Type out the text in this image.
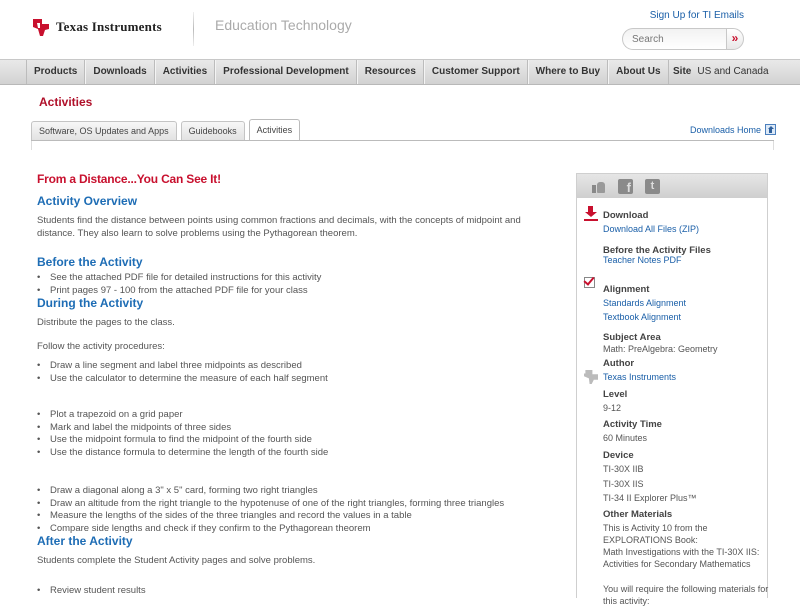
Texas Instruments	Education Technology
Sign Up for TI Emails
Search
»
Products	Downloads	Activities	Professional Development	Resources	Customer Support	Where to Buy	About Us	Site US and Canada
Activities
Software, OS Updates and Apps	Guidebooks	Activities	Downloads Home
From a Distance...You Can See It!
Activity Overview
Students find the distance between points using common fractions and decimals, with the concepts of midpoint and
distance. They also learn to solve problems using the Pythagorean theorem.
Before the Activity
• See the attached PDF file for detailed instructions for this activity
• Print pages 97 - 100 from the attached PDF file for your class
During the Activity
Distribute the pages to the class.
Follow the activity procedures:
• Draw a line segment and label three midpoints as described
• Use the calculator to determine the measure of each half segment
• Plot a trapezoid on a grid paper
• Mark and label the midpoints of three sides
• Use the midpoint formula to find the midpoint of the fourth side
• Use the distance formula to determine the length of the fourth side
• Draw a diagonal along a 3" x 5" card, forming two right triangles
• Draw an altitude from the right triangle to the hypotenuse of one of the right triangles, forming three triangles
• Measure the lengths of the sides of the three triangles and record the values in a table
• Compare side lengths and check if they confirm to the Pythagorean theorem
After the Activity
Students complete the Student Activity pages and solve problems.
• Review student results
f	t
Download
Download All Files (ZIP)
Before the Activity Files
Teacher Notes PDF
Alignment
Standards Alignment
Textbook Alignment
Subject Area
Math: PreAlgebra: Geometry
Author
Texas Instruments
Level
9-12
Activity Time
60 Minutes
Device
TI-30X IIB
TI-30X IIS
TI-34 II Explorer Plus™
Other Materials
This is Activity 10 from the
EXPLORATIONS Book:
Math Investigations with the TI-30X IIS:
Activities for Secondary Mathematics
You will require the following materials for
this activity:
